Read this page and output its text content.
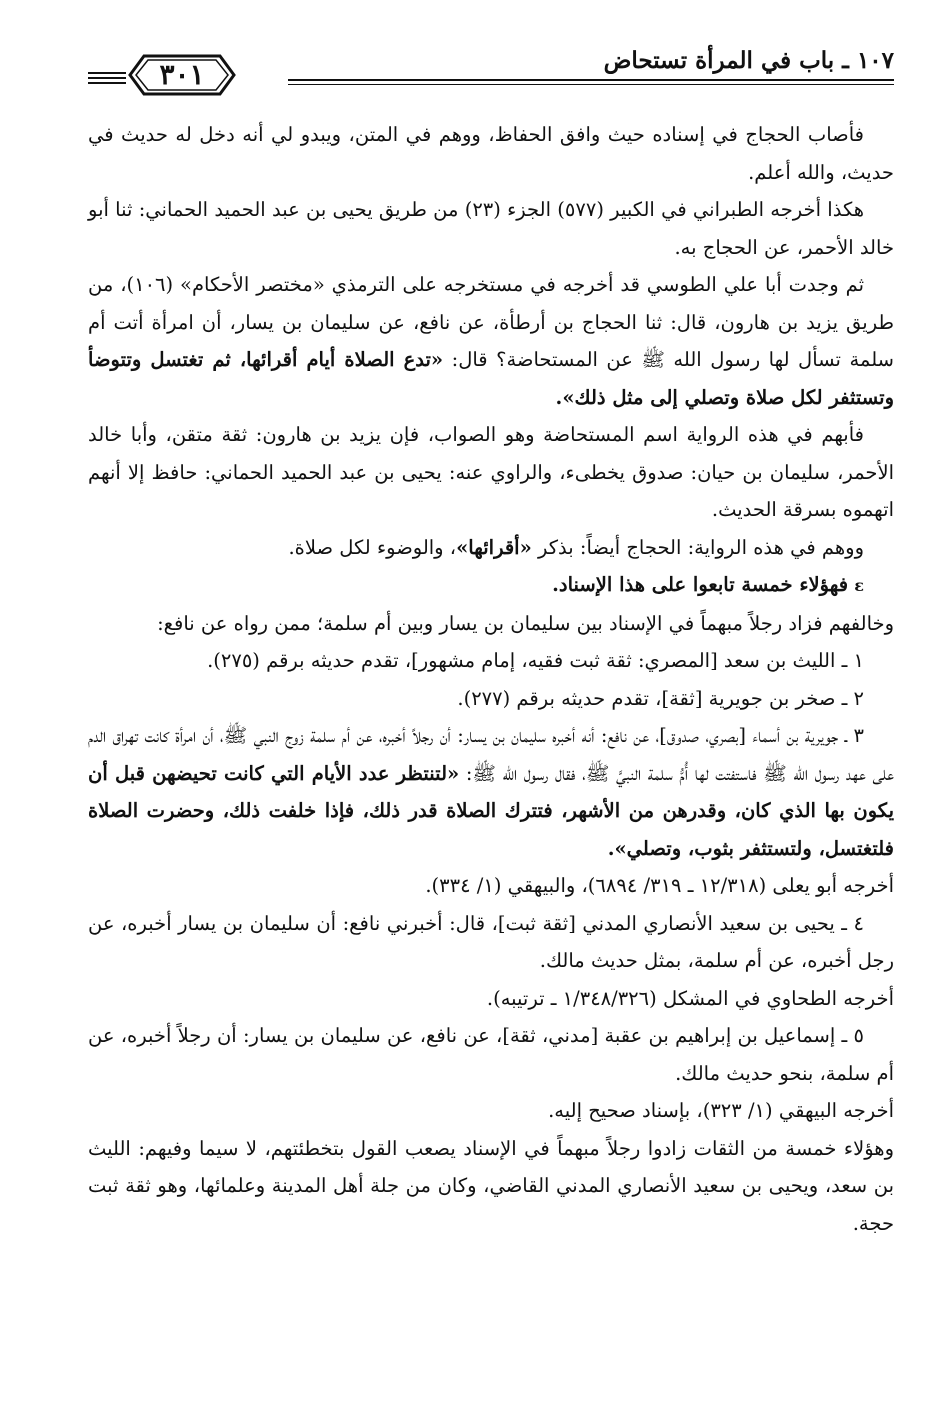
٣٠١	١٠٧ ـ باب في المرأة تستحاض

فأصاب الحجاج في إسناده حيث وافق الحفاظ، ووهم في المتن، ويبدو لي أنه دخل له حديث في حديث، والله أعلم.

هكذا أخرجه الطبراني في الكبير (٥٧٧) الجزء (٢٣) من طريق يحيى بن عبد الحميد الحماني: ثنا أبو خالد الأحمر، عن الحجاج به.

ثم وجدت أبا علي الطوسي قد أخرجه في مستخرجه على الترمذي «مختصر الأحكام» (١٠٦)، من طريق يزيد بن هارون، قال: ثنا الحجاج بن أرطأة، عن نافع، عن سليمان بن يسار، أن امرأة أتت أم سلمة تسأل لها رسول الله ﷺ عن المستحاضة؟ قال: «تدع الصلاة أيام أقرائها، ثم تغتسل وتتوضأ وتستثفر لكل صلاة وتصلي إلى مثل ذلك».

فأبهم في هذه الرواية اسم المستحاضة وهو الصواب، فإن يزيد بن هارون: ثقة متقن، وأبا خالد الأحمر، سليمان بن حيان: صدوق يخطىء، والراوي عنه: يحيى بن عبد الحميد الحماني: حافظ إلا أنهم اتهموه بسرقة الحديث.

ووهم في هذه الرواية: الحجاج أيضاً: بذكر «أقرائها»، والوضوء لكل صلاة.

ε فهؤلاء خمسة تابعوا على هذا الإسناد.

وخالفهم فزاد رجلاً مبهماً في الإسناد بين سليمان بن يسار وبين أم سلمة؛ ممن رواه عن نافع:

١ ـ الليث بن سعد [المصري: ثقة ثبت فقيه، إمام مشهور]، تقدم حديثه برقم (٢٧٥).

٢ ـ صخر بن جويرية [ثقة]، تقدم حديثه برقم (٢٧٧).

٣ ـ جويرية بن أسماء [بصري، صدوق]، عن نافع: أنه أخبره سليمان بن يسار: أن رجلاً أخبره، عن أم سلمة زوج النبي ﷺ، أن امرأة كانت تهراق الدم على عهد رسول الله ﷺ فاستفتت لها أُمُّ سلمة النبيَّ ﷺ، فقال رسول الله ﷺ: «لتنتظر عدد الأيام التي كانت تحيضهن قبل أن يكون بها الذي كان، وقدرهن من الأشهر، فتترك الصلاة قدر ذلك، فإذا خلفت ذلك، وحضرت الصلاة فلتغتسل، ولتستثفر بثوب، وتصلي».

أخرجه أبو يعلى (١٢/٣١٨ ـ ٣١٩/ ٦٨٩٤)، والبيهقي (١/ ٣٣٤).

٤ ـ يحيى بن سعيد الأنصاري المدني [ثقة ثبت]، قال: أخبرني نافع: أن سليمان بن يسار أخبره، عن رجل أخبره، عن أم سلمة، بمثل حديث مالك.

أخرجه الطحاوي في المشكل (١/٣٤٨/٣٢٦ ـ ترتيبه).

٥ ـ إسماعيل بن إبراهيم بن عقبة [مدني، ثقة]، عن نافع، عن سليمان بن يسار: أن رجلاً أخبره، عن أم سلمة، بنحو حديث مالك.

أخرجه البيهقي (١/ ٣٢٣)، بإسناد صحيح إليه.

وهؤلاء خمسة من الثقات زادوا رجلاً مبهماً في الإسناد يصعب القول بتخطئتهم، لا سيما وفيهم: الليث بن سعد، ويحيى بن سعيد الأنصاري المدني القاضي، وكان من جلة أهل المدينة وعلمائها، وهو ثقة ثبت حجة.
